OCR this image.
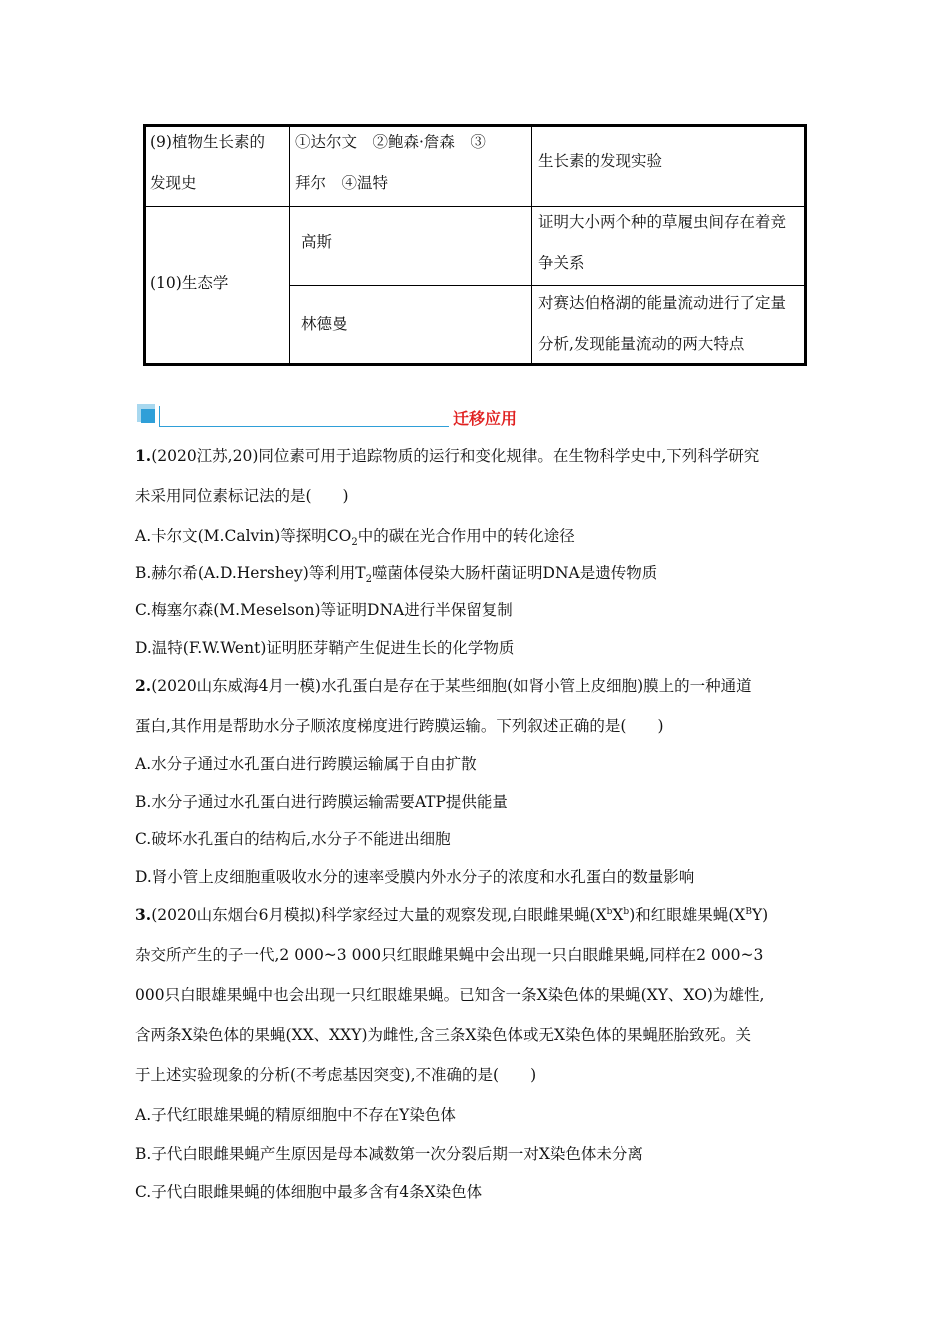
(9)植物生长素的
发现史
①达尔文　②鲍森·詹森　③
拜尔　④温特
生长素的发现实验
(10)生态学
高斯
证明大小两个种的草履虫间存在着竞
争关系
林德曼
对赛达伯格湖的能量流动进行了定量
分析,发现能量流动的两大特点
迁移应用
1.(2020江苏,20)同位素可用于追踪物质的运行和变化规律。在生物科学史中,下列科学研究
未采用同位素标记法的是(　　)
A.卡尔文(M.Calvin)等探明$CO_2$中的碳在光合作用中的转化途径
B.赫尔希(A.D.Hershey)等利用$T_2$噬菌体侵染大肠杆菌证明DNA是遗传物质
C.梅塞尔森(M.Meselson)等证明DNA进行半保留复制
D.温特(F.W.Went)证明胚芽鞘产生促进生长的化学物质
2.(2020山东威海4月一模)水孔蛋白是存在于某些细胞(如肾小管上皮细胞)膜上的一种通道
蛋白,其作用是帮助水分子顺浓度梯度进行跨膜运输。下列叙述正确的是(　　)
A.水分子通过水孔蛋白进行跨膜运输属于自由扩散
B.水分子通过水孔蛋白进行跨膜运输需要ATP提供能量
C.破坏水孔蛋白的结构后,水分子不能进出细胞
D.肾小管上皮细胞重吸收水分的速率受膜内外水分子的浓度和水孔蛋白的数量影响
3.(2020山东烟台6月模拟)科学家经过大量的观察发现,白眼雌果蝇$(X^bX^b)$和红眼雄果蝇$(X^BY)$
杂交所产生的子一代,2 000~3 000只红眼雌果蝇中会出现一只白眼雌果蝇,同样在2 000~3
000只白眼雄果蝇中也会出现一只红眼雄果蝇。已知含一条X染色体的果蝇(XY、XO)为雄性,
含两条X染色体的果蝇(XX、XXY)为雌性,含三条X染色体或无X染色体的果蝇胚胎致死。关
于上述实验现象的分析(不考虑基因突变),不准确的是(　　)
A.子代红眼雄果蝇的精原细胞中不存在Y染色体
B.子代白眼雌果蝇产生原因是母本减数第一次分裂后期一对X染色体未分离
C.子代白眼雌果蝇的体细胞中最多含有4条X染色体
